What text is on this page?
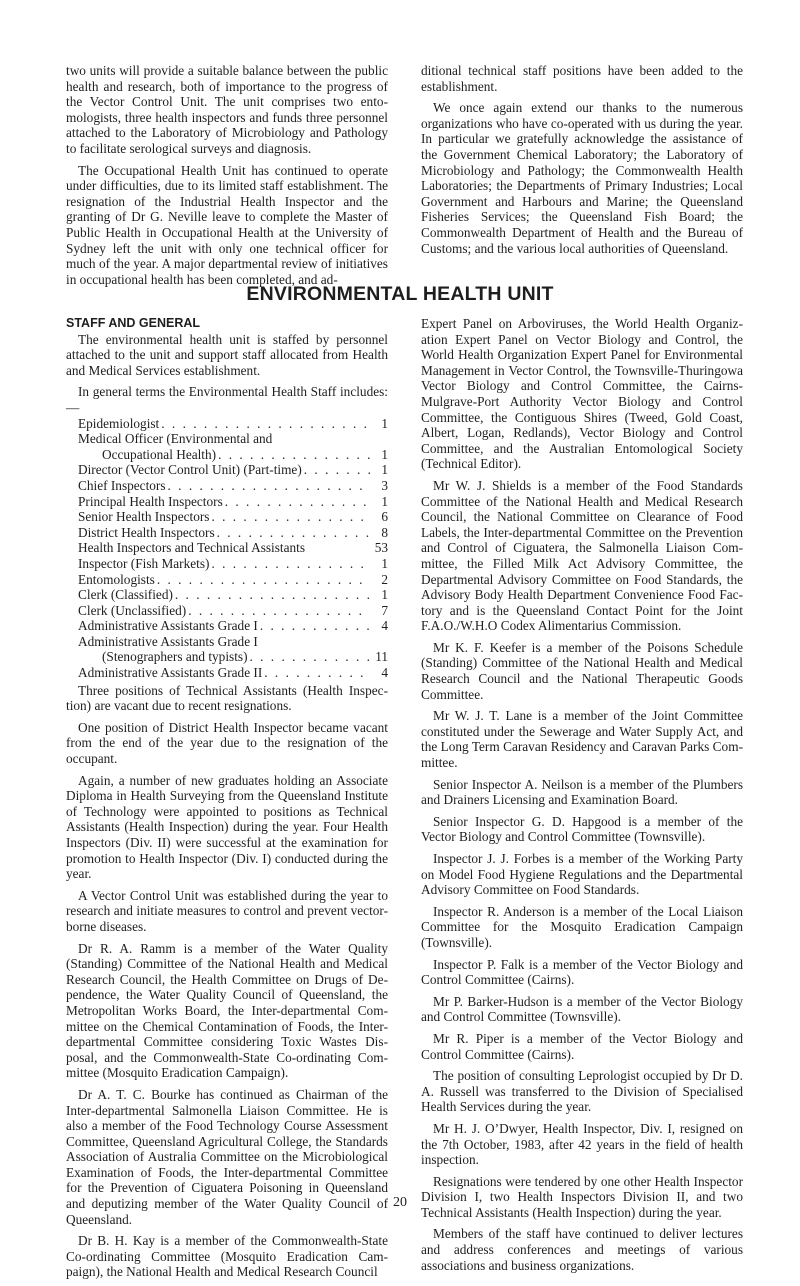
two units will provide a suitable balance between the public health and research, both of importance to the progress of the Vector Control Unit. The unit comprises two entomologists, three health inspectors and funds three personnel attached to the Laboratory of Microbiology and Pathology to facilitate serological surveys and diagnosis.

The Occupational Health Unit has continued to operate under difficulties, due to its limited staff establishment. The resignation of the Industrial Health Inspector and the granting of Dr G. Neville leave to complete the Master of Public Health in Occupational Health at the University of Sydney left the unit with only one technical officer for much of the year. A major departmental review of initiatives in occupational health has been completed, and ad-

ditional technical staff positions have been added to the establishment.

We once again extend our thanks to the numerous organizations who have co-operated with us during the year. In particular we gratefully acknowledge the assistance of the Government Chemical Laboratory; the Laboratory of Microbiology and Pathology; the Commonwealth Health Laboratories; the Departments of Primary Industries; Local Government and Harbours and Marine; the Queensland Fisheries Services; the Queensland Fish Board; the Commonwealth Department of Health and the Bureau of Customs; and the various local authorities of Queensland.

ENVIRONMENTAL HEALTH UNIT
STAFF AND GENERAL

The environmental health unit is staffed by personnel attached to the unit and support staff allocated from Health and Medical Services establishment.

In general terms the Environmental Health Staff includes:—

Epidemiologist . . .	1
Medical Officer (Environmental and
Occupational Health) . . .	1
Director (Vector Control Unit) (Part-time) . . .	1
Chief Inspectors . . .	3
Principal Health Inspectors . . .	1
Senior Health Inspectors . . .	6
District Health Inspectors . . .	8
Health Inspectors and Technical Assistants	53
Inspector (Fish Markets) . . .	1
Entomologists . . .	2
Clerk (Classified) . . .	1
Clerk (Unclassified) . . .	7
Administrative Assistants Grade I . . .	4
Administrative Assistants Grade I
(Stenographers and typists) . . .	11
Administrative Assistants Grade II . . .	4

Three positions of Technical Assistants (Health Inspection) are vacant due to recent resignations.

One position of District Health Inspector became vacant from the end of the year due to the resignation of the occupant.

Again, a number of new graduates holding an Associate Diploma in Health Surveying from the Queensland Institute of Technology were appointed to positions as Technical Assistants (Health Inspection) during the year. Four Health Inspectors (Div. II) were successful at the examination for promotion to Health Inspector (Div. I) conducted during the year.

A Vector Control Unit was established during the year to research and initiate measures to control and prevent vector-borne diseases.

Dr R. A. Ramm is a member of the Water Quality (Standing) Committee of the National Health and Medical Research Council, the Health Committee on Drugs of Dependence, the Water Quality Council of Queensland, the Metropolitan Works Board, the Inter-departmental Committee on the Chemical Contamination of Foods, the Inter-departmental Committee considering Toxic Wastes Disposal, and the Commonwealth-State Co-ordinating Committee (Mosquito Eradication Campaign).

Dr A. T. C. Bourke has continued as Chairman of the Inter-departmental Salmonella Liaison Committee. He is also a member of the Food Technology Course Assessment Committee, Queensland Agricultural College, the Standards Association of Australia Committee on the Microbiological Examination of Foods, the Inter-departmental Committee for the Prevention of Ciguatera Poisoning in Queensland and deputizing member of the Water Quality Council of Queensland.

Dr B. H. Kay is a member of the Commonwealth-State Co-ordinating Committee (Mosquito Eradication Campaign), the National Health and Medical Research Council

Expert Panel on Arboviruses, the World Health Organization Expert Panel on Vector Biology and Control, the World Health Organization Expert Panel for Environmental Management in Vector Control, the Townsville-Thuringowa Vector Biology and Control Committee, the Cairns-Mulgrave-Port Authority Vector Biology and Control Committee, the Contiguous Shires (Tweed, Gold Coast, Albert, Logan, Redlands), Vector Biology and Control Committee, and the Australian Entomological Society (Technical Editor).

Mr W. J. Shields is a member of the Food Standards Committee of the National Health and Medical Research Council, the National Committee on Clearance of Food Labels, the Inter-departmental Committee on the Prevention and Control of Ciguatera, the Salmonella Liaison Committee, the Filled Milk Act Advisory Committee, the Departmental Advisory Committee on Food Standards, the Advisory Body Health Department Convenience Food Factory and is the Queensland Contact Point for the Joint F.A.O./W.H.O Codex Alimentarius Commission.

Mr K. F. Keefer is a member of the Poisons Schedule (Standing) Committee of the National Health and Medical Research Council and the National Therapeutic Goods Committee.

Mr W. J. T. Lane is a member of the Joint Committee constituted under the Sewerage and Water Supply Act, and the Long Term Caravan Residency and Caravan Parks Committee.

Senior Inspector A. Neilson is a member of the Plumbers and Drainers Licensing and Examination Board.

Senior Inspector G. D. Hapgood is a member of the Vector Biology and Control Committee (Townsville).

Inspector J. J. Forbes is a member of the Working Party on Model Food Hygiene Regulations and the Departmental Advisory Committee on Food Standards.

Inspector R. Anderson is a member of the Local Liaison Committee for the Mosquito Eradication Campaign (Townsville).

Inspector P. Falk is a member of the Vector Biology and Control Committee (Cairns).

Mr P. Barker-Hudson is a member of the Vector Biology and Control Committee (Townsville).

Mr R. Piper is a member of the Vector Biology and Control Committee (Cairns).

The position of consulting Leprologist occupied by Dr D. A. Russell was transferred to the Division of Specialised Health Services during the year.

Mr H. J. O’Dwyer, Health Inspector, Div. I, resigned on the 7th October, 1983, after 42 years in the field of health inspection.

Resignations were tendered by one other Health Inspector Division I, two Health Inspectors Division II, and two Technical Assistants (Health Inspection) during the year.

Members of the staff have continued to deliver lectures and address conferences and meetings of various associations and business organizations.

20
